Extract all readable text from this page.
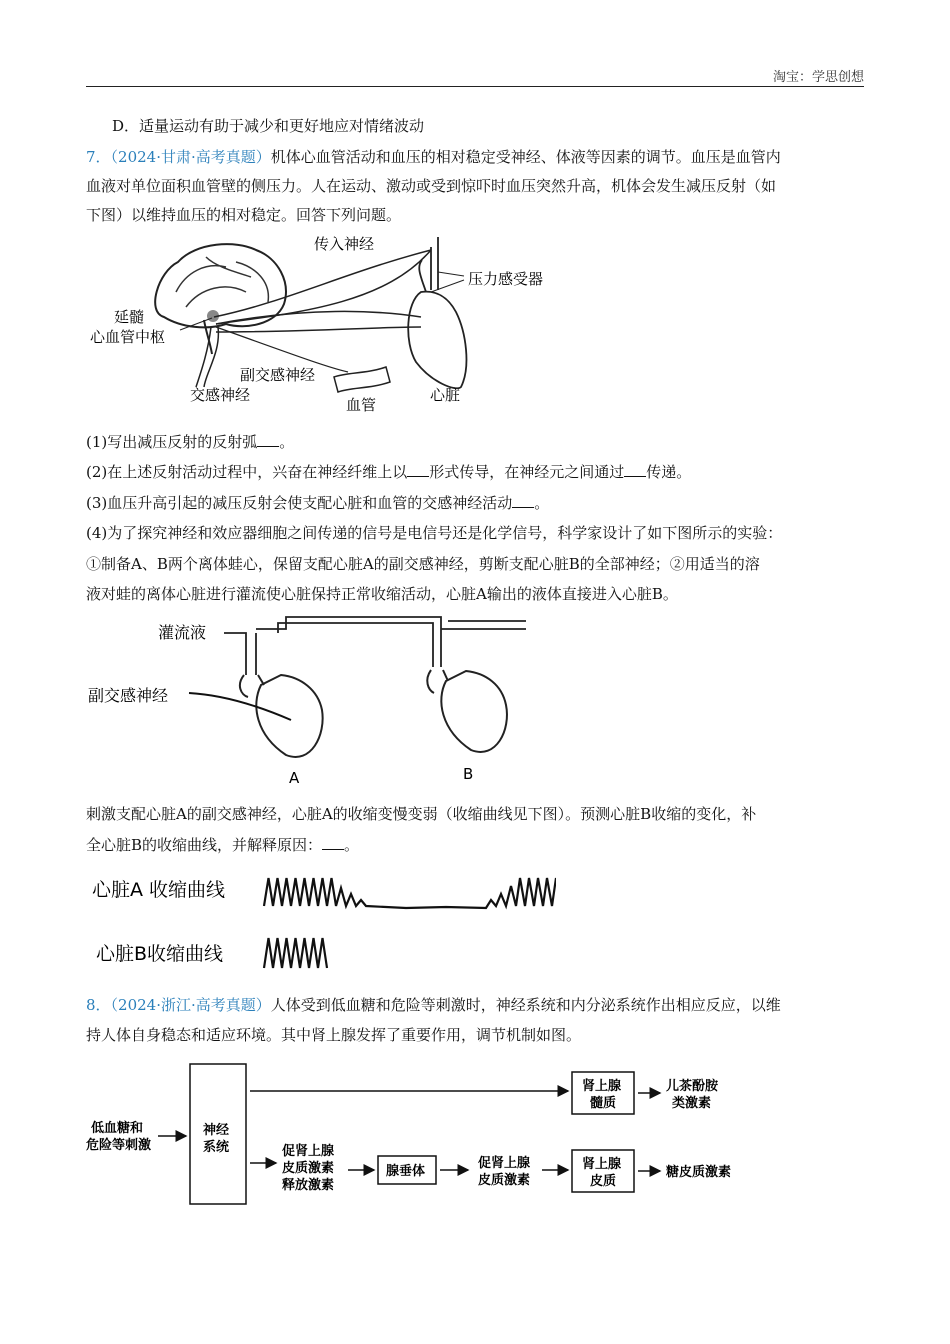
淘宝：学思创想
D．适量运动有助于减少和更好地应对情绪波动
7．（2024·甘肃·高考真题）机体心血管活动和血压的相对稳定受神经、体液等因素的调节。血压是血管内
血液对单位面积血管壁的侧压力。人在运动、激动或受到惊吓时血压突然升高，机体会发生减压反射（如
下图）以维持血压的相对稳定。回答下列问题。
传入神经
压力感受器
延髓
心血管中枢
副交感神经
交感神经
血管
心脏
(1)写出减压反射的反射弧 。
(2)在上述反射活动过程中，兴奋在神经纤维上以 形式传导，在神经元之间通过 传递。
(3)血压升高引起的减压反射会使支配心脏和血管的交感神经活动 。
(4)为了探究神经和效应器细胞之间传递的信号是电信号还是化学信号，科学家设计了如下图所示的实验：
①制备A、B两个离体蛙心，保留支配心脏A的副交感神经，剪断支配心脏B的全部神经；②用适当的溶
液对蛙的离体心脏进行灌流使心脏保持正常收缩活动，心脏A输出的液体直接进入心脏B。
灌流液
副交感神经
A	B
刺激支配心脏A的副交感神经，心脏A的收缩变慢变弱（收缩曲线见下图）。预测心脏B收缩的变化，补
全心脏B的收缩曲线，并解释原因： 。
心脏A 收缩曲线
心脏B收缩曲线
8．（2024·浙江·高考真题）人体受到低血糖和危险等刺激时，神经系统和内分泌系统作出相应反应，以维
持人体自身稳态和适应环境。其中肾上腺发挥了重要作用，调节机制如图。
低血糖和
危险等刺激
神经
系统	促肾上腺
皮质激素
释放激素
腺垂体
促肾上腺
皮质激素
肾上腺
髓质
肾上腺
皮质
儿茶酚胺
类激素
糖皮质激素
